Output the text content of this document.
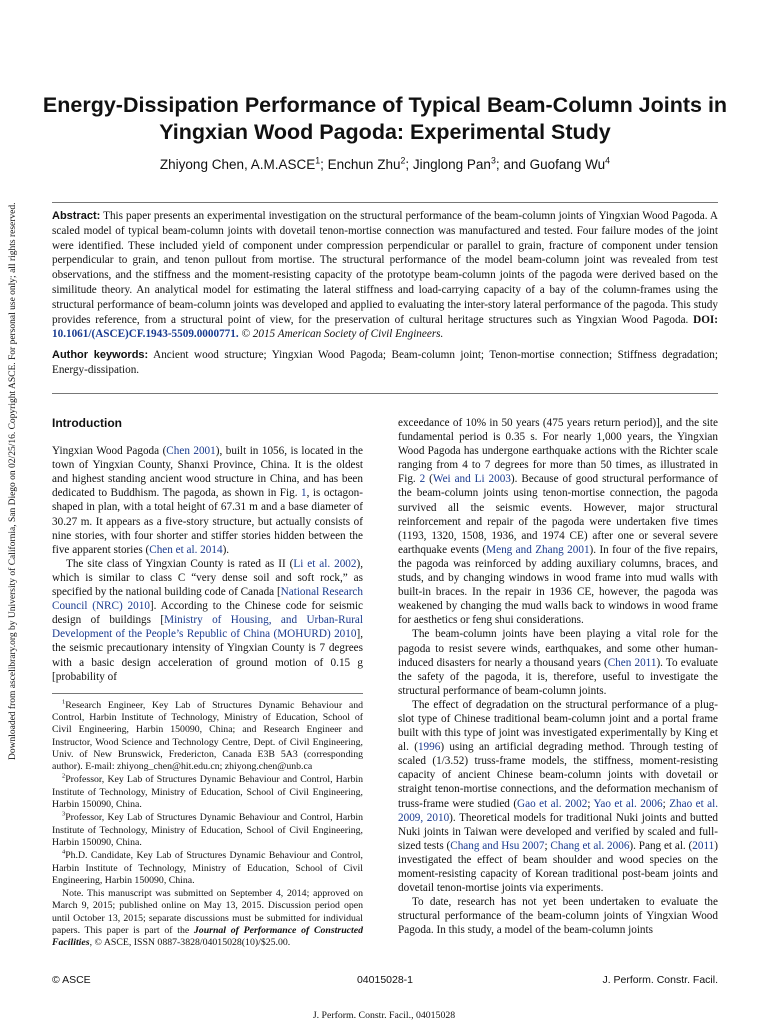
Downloaded from ascelibrary.org by University of California, San Diego on 02/25/16. Copyright ASCE. For personal use only; all rights reserved.
Energy-Dissipation Performance of Typical Beam-Column Joints in Yingxian Wood Pagoda: Experimental Study

Zhiyong Chen, A.M.ASCE$^1$; Enchun Zhu$^2$; Jinglong Pan$^3$; and Guofang Wu$^4$

Abstract: This paper presents an experimental investigation on the structural performance of the beam-column joints of Yingxian Wood Pagoda. A scaled model of typical beam-column joints with dovetail tenon-mortise connection was manufactured and tested. Four failure modes of the joint were identified. These included yield of component under compression perpendicular or parallel to grain, fracture of component under tension perpendicular to grain, and tenon pullout from mortise. The structural performance of the model beam-column joint was revealed from test observations, and the stiffness and the moment-resisting capacity of the prototype beam-column joints of the pagoda were derived based on the similitude theory. An analytical model for estimating the lateral stiffness and load-carrying capacity of a bay of the column-frames using the structural performance of beam-column joints was developed and applied to evaluating the inter-story lateral performance of the pagoda. This study provides reference, from a structural point of view, for the preservation of cultural heritage structures such as Yingxian Wood Pagoda. DOI: 10.1061/(ASCE)CF.1943-5509.0000771. © 2015 American Society of Civil Engineers.

Author keywords: Ancient wood structure; Yingxian Wood Pagoda; Beam-column joint; Tenon-mortise connection; Stiffness degradation; Energy-dissipation.

Introduction

Yingxian Wood Pagoda (Chen 2001), built in 1056, is located in the town of Yingxian County, Shanxi Province, China. It is the oldest and highest standing ancient wood structure in China, and has been dedicated to Buddhism. The pagoda, as shown in Fig. 1, is octagon-shaped in plan, with a total height of 67.31 m and a base diameter of 30.27 m. It appears as a five-story structure, but actually consists of nine stories, with four shorter and stiffer stories hidden between the five apparent stories (Chen et al. 2014).

The site class of Yingxian County is rated as II (Li et al. 2002), which is similar to class C “very dense soil and soft rock,” as specified by the national building code of Canada [National Research Council (NRC) 2010]. According to the Chinese code for seismic design of buildings [Ministry of Housing, and Urban-Rural Development of the People’s Republic of China (MOHURD) 2010], the seismic precautionary intensity of Yingxian County is 7 degrees with a basic design acceleration of ground motion of 0.15 g [probability of

$^1$Research Engineer, Key Lab of Structures Dynamic Behaviour and Control, Harbin Institute of Technology, Ministry of Education, School of Civil Engineering, Harbin 150090, China; and Research Engineer and Instructor, Wood Science and Technology Centre, Dept. of Civil Engineering, Univ. of New Brunswick, Fredericton, Canada E3B 5A3 (corresponding author). E-mail: zhiyong_chen@hit.edu.cn; zhiyong.chen@unb.ca

$^2$Professor, Key Lab of Structures Dynamic Behaviour and Control, Harbin Institute of Technology, Ministry of Education, School of Civil Engineering, Harbin 150090, China.

$^3$Professor, Key Lab of Structures Dynamic Behaviour and Control, Harbin Institute of Technology, Ministry of Education, School of Civil Engineering, Harbin 150090, China.

$^4$Ph.D. Candidate, Key Lab of Structures Dynamic Behaviour and Control, Harbin Institute of Technology, Ministry of Education, School of Civil Engineering, Harbin 150090, China.

Note. This manuscript was submitted on September 4, 2014; approved on March 9, 2015; published online on May 13, 2015. Discussion period open until October 13, 2015; separate discussions must be submitted for individual papers. This paper is part of the Journal of Performance of Constructed Facilities, © ASCE, ISSN 0887-3828/04015028(10)/$25.00.

exceedance of 10% in 50 years (475 years return period)], and the site fundamental period is 0.35 s. For nearly 1,000 years, the Yingxian Wood Pagoda has undergone earthquake actions with the Richter scale ranging from 4 to 7 degrees for more than 50 times, as illustrated in Fig. 2 (Wei and Li 2003). Because of good structural performance of the beam-column joints using tenon-mortise connection, the pagoda survived all the seismic events. However, major structural reinforcement and repair of the pagoda were undertaken five times (1193, 1320, 1508, 1936, and 1974 CE) after one or several severe earthquake events (Meng and Zhang 2001). In four of the five repairs, the pagoda was reinforced by adding auxiliary columns, braces, and studs, and by changing windows in wood frame into mud walls with built-in braces. In the repair in 1936 CE, however, the pagoda was weakened by changing the mud walls back to windows in wood frame for aesthetics or feng shui considerations.

The beam-column joints have been playing a vital role for the pagoda to resist severe winds, earthquakes, and some other human-induced disasters for nearly a thousand years (Chen 2011). To evaluate the safety of the pagoda, it is, therefore, useful to investigate the structural performance of beam-column joints.

The effect of degradation on the structural performance of a plug-slot type of Chinese traditional beam-column joint and a portal frame built with this type of joint was investigated experimentally by King et al. (1996) using an artificial degrading method. Through testing of scaled (1/3.52) truss-frame models, the stiffness, moment-resisting capacity of ancient Chinese beam-column joints with dovetail or straight tenon-mortise connections, and the deformation mechanism of truss-frame were studied (Gao et al. 2002; Yao et al. 2006; Zhao et al. 2009, 2010). Theoretical models for traditional Nuki joints and butted Nuki joints in Taiwan were developed and verified by scaled and full-sized tests (Chang and Hsu 2007; Chang et al. 2006). Pang et al. (2011) investigated the effect of beam shoulder and wood species on the moment-resisting capacity of Korean traditional post-beam joints and dovetail tenon-mortise joints via experiments.

To date, research has not yet been undertaken to evaluate the structural performance of the beam-column joints of Yingxian Wood Pagoda. In this study, a model of the beam-column joints

© ASCE	04015028-1	J. Perform. Constr. Facil.
J. Perform. Constr. Facil., 04015028
